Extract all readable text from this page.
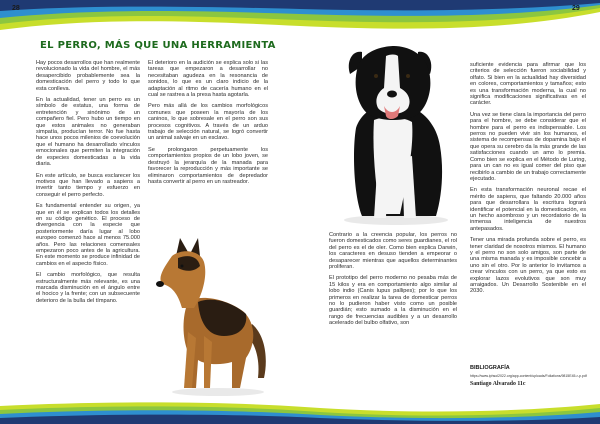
28	29
EL PERRO, MÁS QUE UNA HERRAMIENTA

Hay pocos desarrollos que han realmente revolucionado la vida del hombre, el más desapercibido probablemente sea la domesticación del perro y todo lo que esta conlleva.

En la actualidad, tener un perro es un símbolo de estatus, una forma de entretención y sinónimo de un compañero fiel. Pero hubo un tiempo en que estos animales no generaban simpatía, producían terror. No fue hasta hace unos pocos milenios de coevolución que el humano ha desarrollado vínculos emocionales que permiten la integración de especies domesticadas a la vida diaria.

En este artículo, se busca esclarecer los motivos que han llevado a sapiens a invertir tanto tiempo y esfuerzo en conseguir el perro perfecto.

Es fundamental entender su origen, ya que en él se explican todos los detalles en su código genético. El proceso de divergencia con la especie que posteriormente daría lugar al lobo europeo comenzó hace al menos 75.000 años. Pero las relaciones comensales empezaron poco antes de la agricultura. En este momento se produce infinidad de cambios en el aspecto físico.

El cambio morfológico, que resulta estructuralmente más relevante, es una marcada disminución en el ángulo entre el hocico y la frente; con un subsecuente deterioro de la bulla del tímpano.

El deterioro en la audición se explica solo si las tareas que empezaron a desarrollar no necesitaban agudeza en la resonancia de sonidos, lo que es un claro indicio de la adaptación al ritmo de cacería humano en el cual se rastrea a la presa hasta agotarla.

Pero más allá de los cambios morfológicos comunes que poseen la mayoría de los caninos, lo que sobresale en el perro son sus procesos cognitivos. A través de un arduo trabajo de selección natural, se logró convertir un animal salvaje en un esclavo.

Se prolongaron perpetuamente los comportamientos propios de un lobo joven, se destruyó la jerarquía de la manada para favorecer la reproducción y más importante se eliminaron comportamientos de depredador hasta convertir al perro en un rastreador.

Contrario a la creencia popular, los perros no fueron domesticados como seres guardianes, el rol del perro es el de oler. Como bien explica Darwin, los caracteres en desuso tienden a empeorar o desaparecer mientras que aquellos determinantes proliferan.

El prototipo del perro moderno no pesaba más de 15 kilos y era en comportamiento algo similar al lobo indio (Canis lupus pallipes); por lo que los primeros en realizar la tarea de domesticar perros no lo pudieron haber visto como un posible guardián; esto sumado a la disminución en el rango de frecuencias audibles y a un desarrollo acelerado del bulbo olfativo, son

suficiente evidencia para afirmar que los criterios de selección fueron sociabilidad y olfato. Si bien en la actualidad hay diversidad en colores, comportamientos y tamaños; esto es una transformación moderna, la cual no significa modificaciones significativas en el carácter.

Una vez se tiene clara la importancia del perro para el hombre, se debe considerar que el hombre para el perro es indispensable. Los perros no pueden vivir sin los humanos, el sistema de recompensas de dopamina bajo el que opera su cerebro da la más grande de las satisfacciones cuando un amo lo premia. Como bien se explica en el Método de Luring, para un can no es igual comer del piso que recibirlo a cambio de un trabajo correctamente ejecutado.

En esta transformación neuronal recae el mérito de sapiens, que faltando 20.000 años para que desarrollara la escritura logrará identificar el potencial en la domesticación, es un hecho asombroso y un recordatorio de la inmensa inteligencia de nuestros antepasados.

Tener una mirada profunda sobre el perro, es tener claridad de nosotros mismos. El humano y el perro no son solo amigos, son parte de una misma manada y es imposible concebir a uno sin el otro. Por lo anterior lo invitamos a crear vínculos con un perro, ya que esto es explorar lazos evolutivos que son muy arraigados. Un Desarrollo Sostenible en el 2030.

BIBLIOGRAFÍA
https://www.iphsol2022.org/app-content/uploads/Foliations/9815E45-r-p.pdf
Santiago Alvarado 11c
